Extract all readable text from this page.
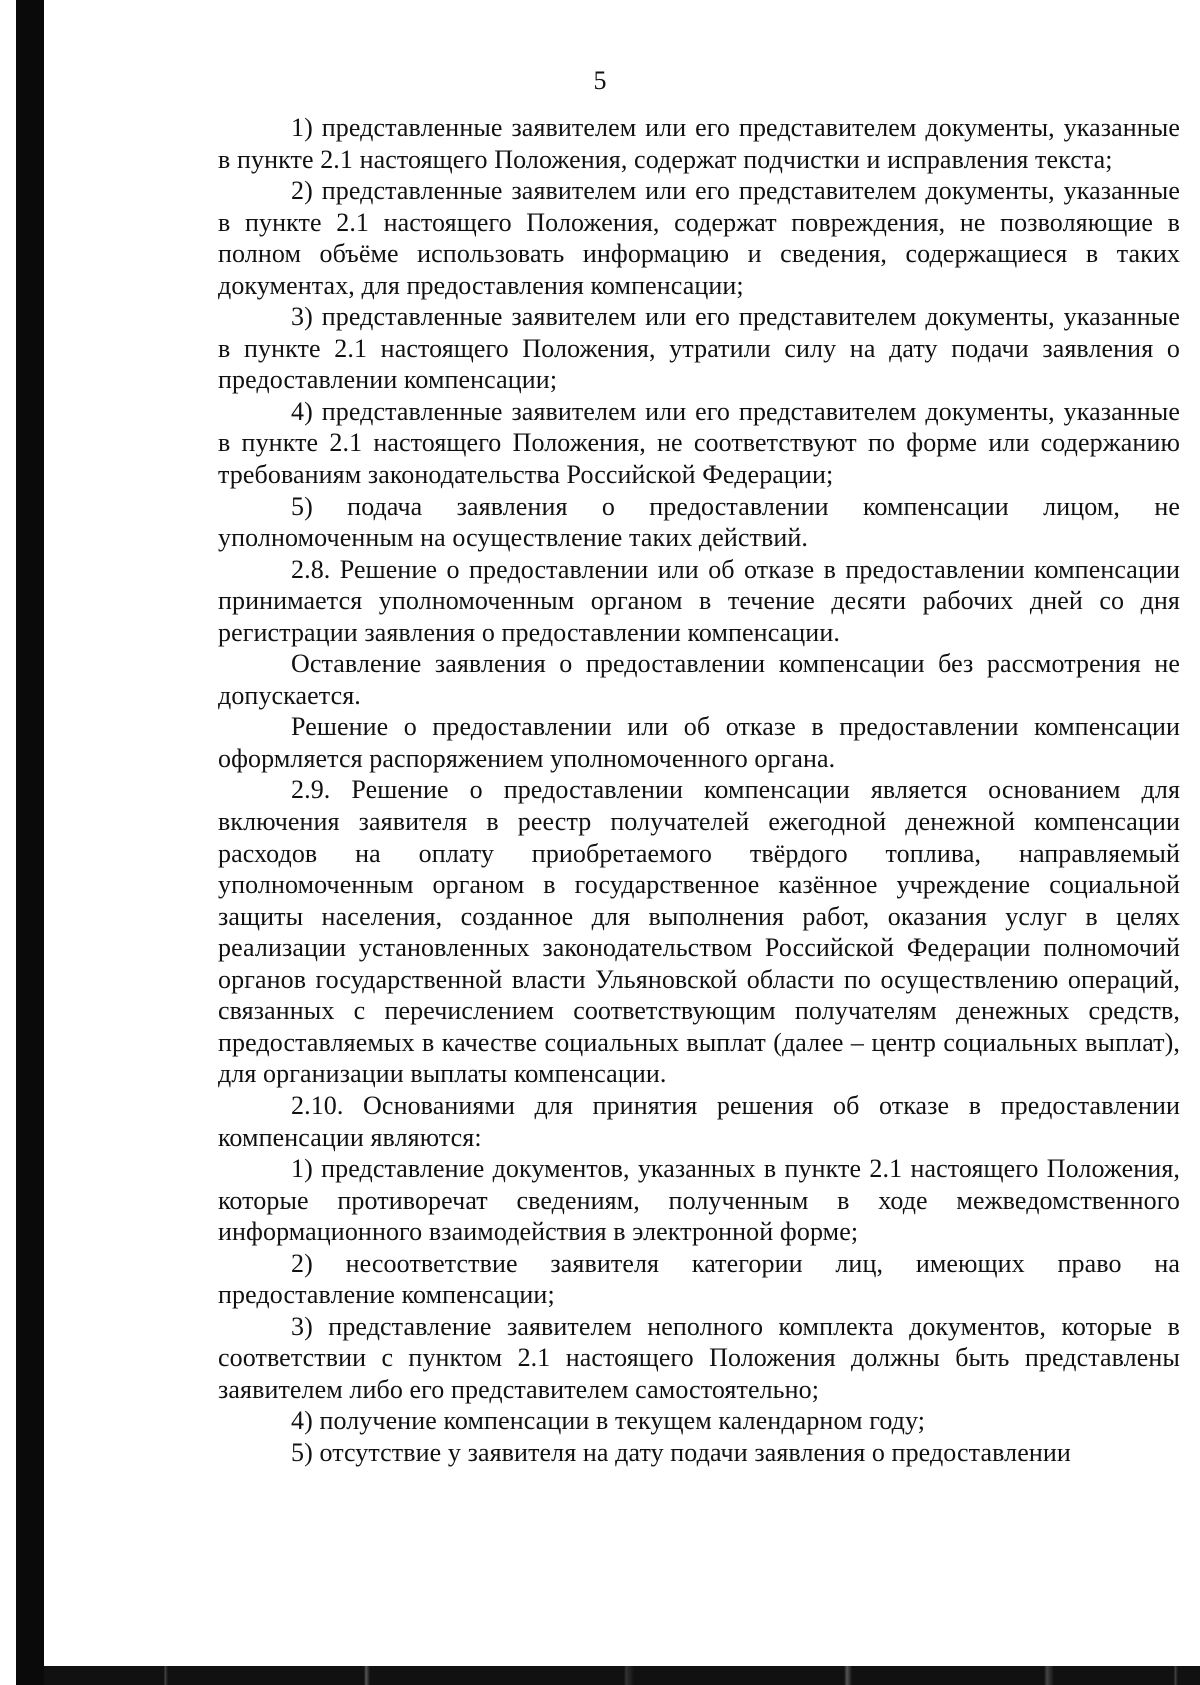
5

1) представленные заявителем или его представителем документы, указанные в пункте 2.1 настоящего Положения, содержат подчистки и исправления текста;

2) представленные заявителем или его представителем документы, указанные в пункте 2.1 настоящего Положения, содержат повреждения, не позволяющие в полном объёме использовать информацию и сведения, содержащиеся в таких документах, для предоставления компенсации;

3) представленные заявителем или его представителем документы, указанные в пункте 2.1 настоящего Положения, утратили силу на дату подачи заявления о предоставлении компенсации;

4) представленные заявителем или его представителем документы, указанные в пункте 2.1 настоящего Положения, не соответствуют по форме или содержанию требованиям законодательства Российской Федерации;

5) подача заявления о предоставлении компенсации лицом, не уполномоченным на осуществление таких действий.

2.8. Решение о предоставлении или об отказе в предоставлении компенсации принимается уполномоченным органом в течение десяти рабочих дней со дня регистрации заявления о предоставлении компенсации.

Оставление заявления о предоставлении компенсации без рассмотрения не допускается.

Решение о предоставлении или об отказе в предоставлении компенсации оформляется распоряжением уполномоченного органа.

2.9. Решение о предоставлении компенсации является основанием для включения заявителя в реестр получателей ежегодной денежной компенсации расходов на оплату приобретаемого твёрдого топлива, направляемый уполномоченным органом в государственное казённое учреждение социальной защиты населения, созданное для выполнения работ, оказания услуг в целях реализации установленных законодательством Российской Федерации полномочий органов государственной власти Ульяновской области по осуществлению операций, связанных с перечислением соответствующим получателям денежных средств, предоставляемых в качестве социальных выплат (далее – центр социальных выплат), для организации выплаты компенсации.

2.10. Основаниями для принятия решения об отказе в предоставлении компенсации являются:

1) представление документов, указанных в пункте 2.1 настоящего Положения, которые противоречат сведениям, полученным в ходе межведомственного информационного взаимодействия в электронной форме;

2) несоответствие заявителя категории лиц, имеющих право на предоставление компенсации;

3) представление заявителем неполного комплекта документов, которые в соответствии с пунктом 2.1 настоящего Положения должны быть представлены заявителем либо его представителем самостоятельно;

4) получение компенсации в текущем календарном году;

5) отсутствие у заявителя на дату подачи заявления о предоставлении
